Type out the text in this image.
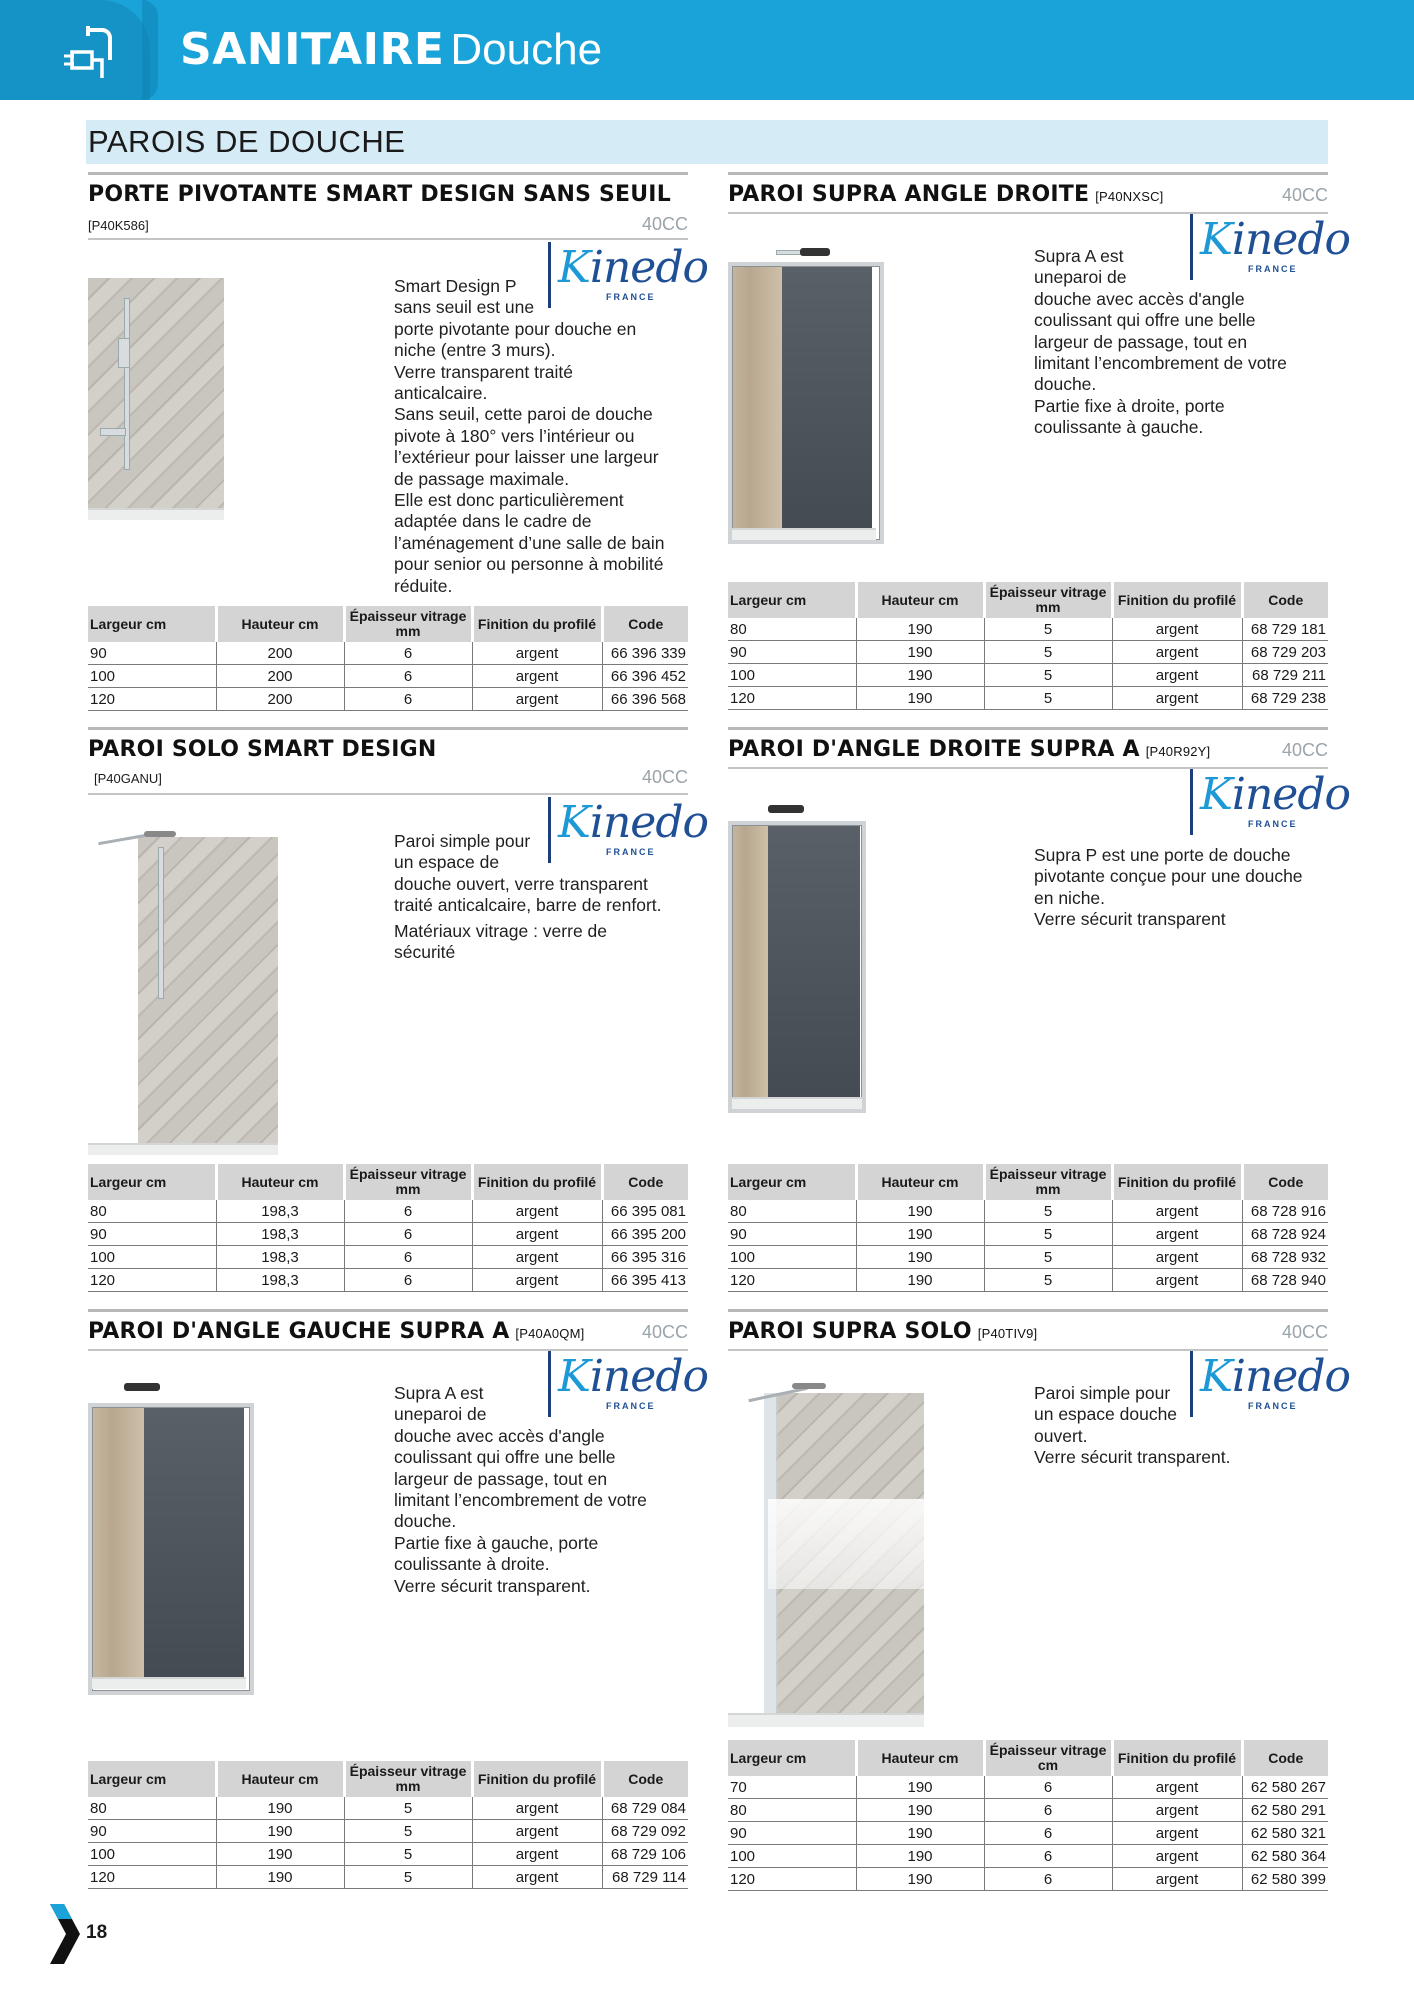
SANITAIRE Douche
PAROIS DE DOUCHE
PORTE PIVOTANTE SMART DESIGN SANS SEUIL
[P40K586]	40CC
Kinedo
FRANCE

Smart Design P

sans seuil est une

porte pivotante pour douche en

niche (entre 3 murs).

Verre transparent traité

anticalcaire.

Sans seuil, cette paroi de douche

pivote à 180° vers l’intérieur ou

l’extérieur pour laisser une largeur

de passage maximale.

Elle est donc particulièrement

adaptée dans le cadre de

l’aménagement d’une salle de bain

pour senior ou personne à mobilité

réduite.

Largeur cm	Hauteur cm	Épaisseur vitrage
mm	Finition du profilé	Code
90	200	6	argent	66 396 339
100	200	6	argent	66 396 452
120	200	6	argent	66 396 568
PAROI SUPRA ANGLE DROITE [P40NXSC]	40CC
Kinedo
FRANCE

Supra A est

uneparoi de

douche avec accès d'angle

coulissant qui offre une belle

largeur de passage, tout en

limitant l’encombrement de votre

douche.

Partie fixe à droite, porte

coulissante à gauche.

Largeur cm	Hauteur cm	Épaisseur vitrage
mm	Finition du profilé	Code
80	190	5	argent	68 729 181
90	190	5	argent	68 729 203
100	190	5	argent	68 729 211
120	190	5	argent	68 729 238
PAROI SOLO SMART DESIGN
[P40GANU]	40CC
Kinedo
FRANCE

Paroi simple pour

un espace de

douche ouvert, verre transparent

traité anticalcaire, barre de renfort.

Matériaux vitrage : verre de

sécurité

Largeur cm	Hauteur cm	Épaisseur vitrage
mm	Finition du profilé	Code
80	198,3	6	argent	66 395 081
90	198,3	6	argent	66 395 200
100	198,3	6	argent	66 395 316
120	198,3	6	argent	66 395 413
PAROI D'ANGLE DROITE SUPRA A [P40R92Y]	40CC
Kinedo
FRANCE

Supra P est une porte de douche

pivotante conçue pour une douche

en niche.

Verre sécurit transparent

Largeur cm	Hauteur cm	Épaisseur vitrage
mm	Finition du profilé	Code
80	190	5	argent	68 728 916
90	190	5	argent	68 728 924
100	190	5	argent	68 728 932
120	190	5	argent	68 728 940
PAROI D'ANGLE GAUCHE SUPRA A [P40A0QM]	40CC
Kinedo
FRANCE

Supra A est

uneparoi de

douche avec accès d'angle

coulissant qui offre une belle

largeur de passage, tout en

limitant l’encombrement de votre

douche.

Partie fixe à gauche, porte

coulissante à droite.

Verre sécurit transparent.

Largeur cm	Hauteur cm	Épaisseur vitrage
mm	Finition du profilé	Code
80	190	5	argent	68 729 084
90	190	5	argent	68 729 092
100	190	5	argent	68 729 106
120	190	5	argent	68 729 114
PAROI SUPRA SOLO [P40TIV9]	40CC
Kinedo
FRANCE

Paroi simple pour

un espace douche

ouvert.

Verre sécurit transparent.

Largeur cm	Hauteur cm	Épaisseur vitrage
cm	Finition du profilé	Code
70	190	6	argent	62 580 267
80	190	6	argent	62 580 291
90	190	6	argent	62 580 321
100	190	6	argent	62 580 364
120	190	6	argent	62 580 399
18
